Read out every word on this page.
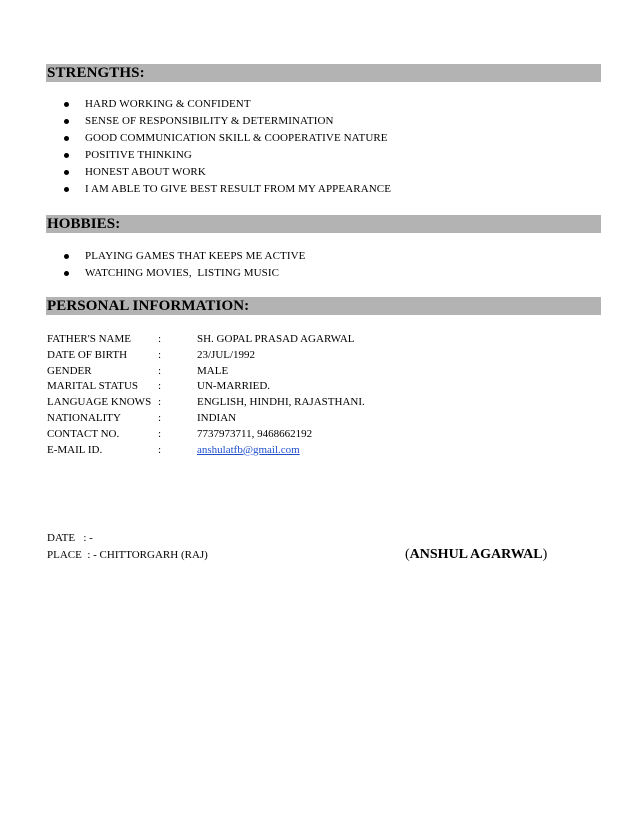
STRENGTHS:
HARD WORKING & CONFIDENT
SENSE OF RESPONSIBILITY & DETERMINATION
GOOD COMMUNICATION SKILL & COOPERATIVE NATURE
POSITIVE THINKING
HONEST ABOUT WORK
I AM ABLE TO GIVE BEST RESULT FROM MY APPEARANCE
HOBBIES:
PLAYING GAMES THAT KEEPS ME ACTIVE
WATCHING MOVIES,  LISTING MUSIC
PERSONAL INFORMATION:
FATHER'S NAME :	SH. GOPAL PRASAD AGARWAL
DATE OF BIRTH	:	23/JUL/1992
GENDER	:	MALE
MARITAL STATUS :	UN-MARRIED.
LANGUAGE KNOWS :	ENGLISH, HINDHI, RAJASTHANI.
NATIONALITY	:	INDIAN
CONTACT NO.	:	7737973711, 9468662192
E-MAIL ID.	:	anshulatfb@gmail.com
DATE   : -
PLACE  : - CHITTORGARH (RAJ)	(ANSHUL AGARWAL)
